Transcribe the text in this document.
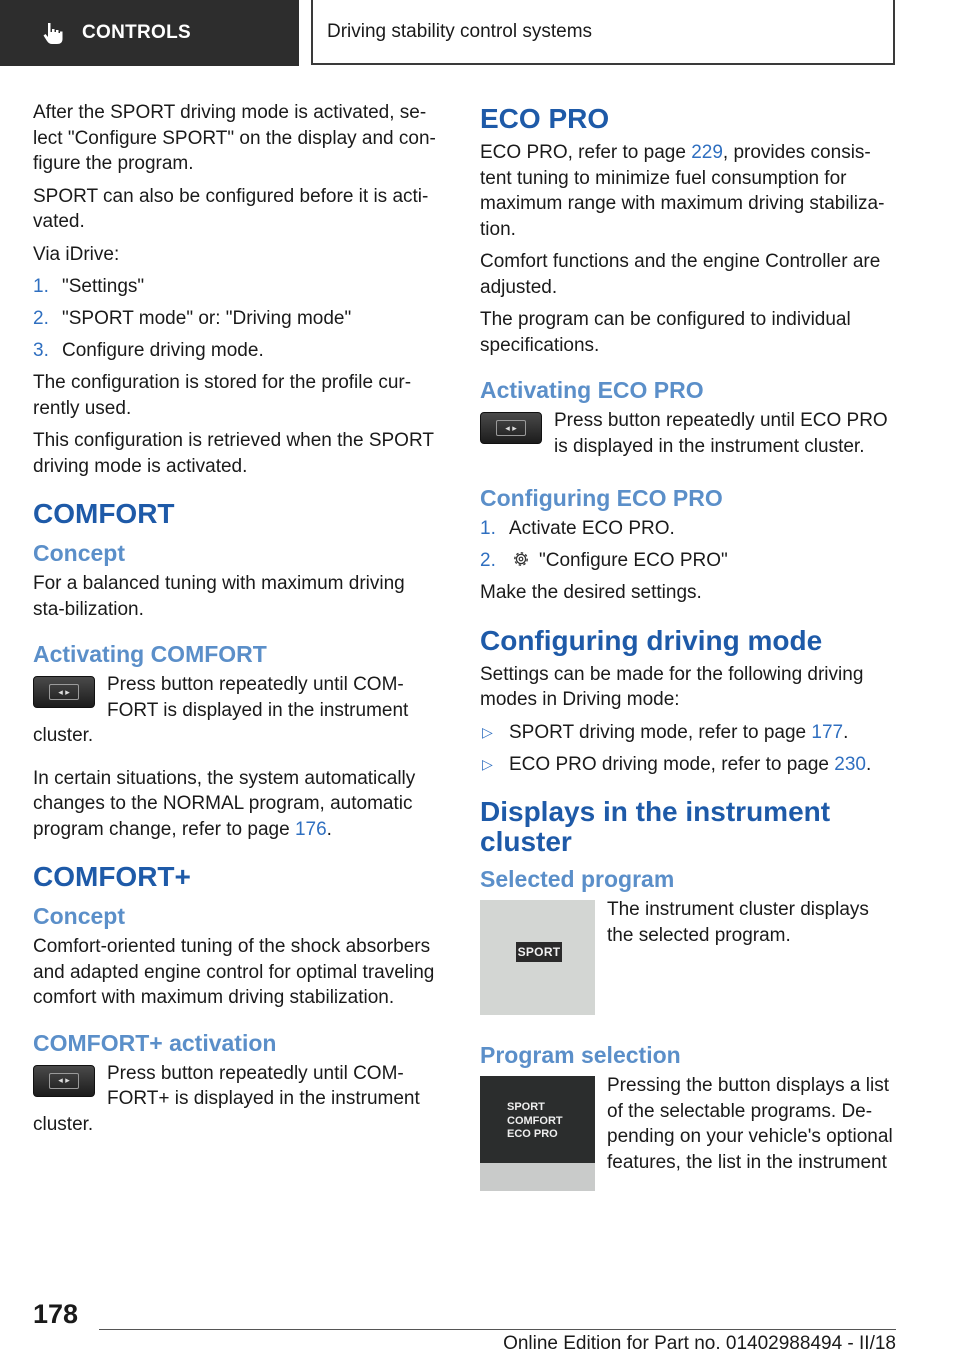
CONTROLS	Driving stability control systems

After the SPORT driving mode is activated, se-lect "Configure SPORT" on the display and con-figure the program.

SPORT can also be configured before it is acti-vated.

Via iDrive:

1. "Settings"
2. "SPORT mode" or: "Driving mode"
3. Configure driving mode.

The configuration is stored for the profile cur-rently used.

This configuration is retrieved when the SPORT driving mode is activated.

COMFORT
Concept

For a balanced tuning with maximum driving sta-bilization.

Activating COMFORT
◂ ▸	Press button repeatedly until COM-FORT is displayed in the instrument cluster.

In certain situations, the system automatically changes to the NORMAL program, automatic program change, refer to page 176.

COMFORT+
Concept

Comfort-oriented tuning of the shock absorbers and adapted engine control for optimal traveling comfort with maximum driving stabilization.

COMFORT+ activation
◂ ▸	Press button repeatedly until COM-FORT+ is displayed in the instrument cluster.

ECO PRO

ECO PRO, refer to page 229, provides consis-tent tuning to minimize fuel consumption for maximum range with maximum driving stabiliza-tion.

Comfort functions and the engine Controller are adjusted.

The program can be configured to individual specifications.

Activating ECO PRO
◂ ▸	Press button repeatedly until ECO PRO is displayed in the instrument cluster.

Configuring ECO PRO
1. Activate ECO PRO.
2. "Configure ECO PRO"

Make the desired settings.

Configuring driving mode

Settings can be made for the following driving modes in Driving mode:

▷ SPORT driving mode, refer to page 177.
▷ ECO PRO driving mode, refer to page 230.
Displays in the instrument cluster
Selected program
SPORT

The instrument cluster displays the selected program.

Program selection
SPORT
COMFORT
ECO PRO

Pressing the button displays a list of the selectable programs. De-pending on your vehicle's optional features, the list in the instrument

178
Online Edition for Part no. 01402988494 - II/18
